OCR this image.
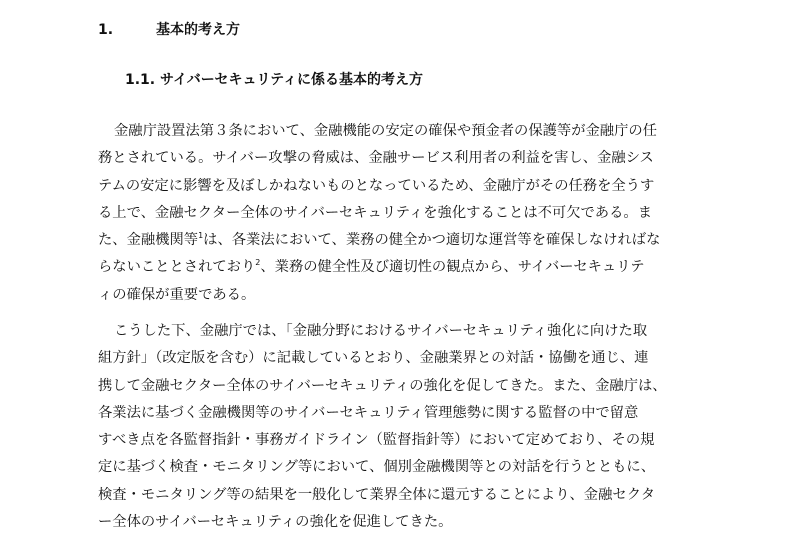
1.	基本的考え方
1.1. サイバーセキュリティに係る基本的考え方
金融庁設置法第３条において、金融機能の安定の確保や預金者の保護等が金融庁の任
務とされている。サイバー攻撃の脅威は、金融サービス利用者の利益を害し、金融シス
テムの安定に影響を及ぼしかねないものとなっているため、金融庁がその任務を全うす
る上で、金融セクター全体のサイバーセキュリティを強化することは不可欠である。ま
た、金融機関等$^1$は、各業法において、業務の健全かつ適切な運営等を確保しなければな
らないこととされており$^2$、業務の健全性及び適切性の観点から、サイバーセキュリテ
ィの確保が重要である。
こうした下、金融庁では、「金融分野におけるサイバーセキュリティ強化に向けた取
組方針」（改定版を含む）に記載しているとおり、金融業界との対話・協働を通じ、連
携して金融セクター全体のサイバーセキュリティの強化を促してきた。また、金融庁は、
各業法に基づく金融機関等のサイバーセキュリティ管理態勢に関する監督の中で留意
すべき点を各監督指針・事務ガイドライン（監督指針等）において定めており、その規
定に基づく検査・モニタリング等において、個別金融機関等との対話を行うとともに、
検査・モニタリング等の結果を一般化して業界全体に還元することにより、金融セクタ
ー全体のサイバーセキュリティの強化を促進してきた。
